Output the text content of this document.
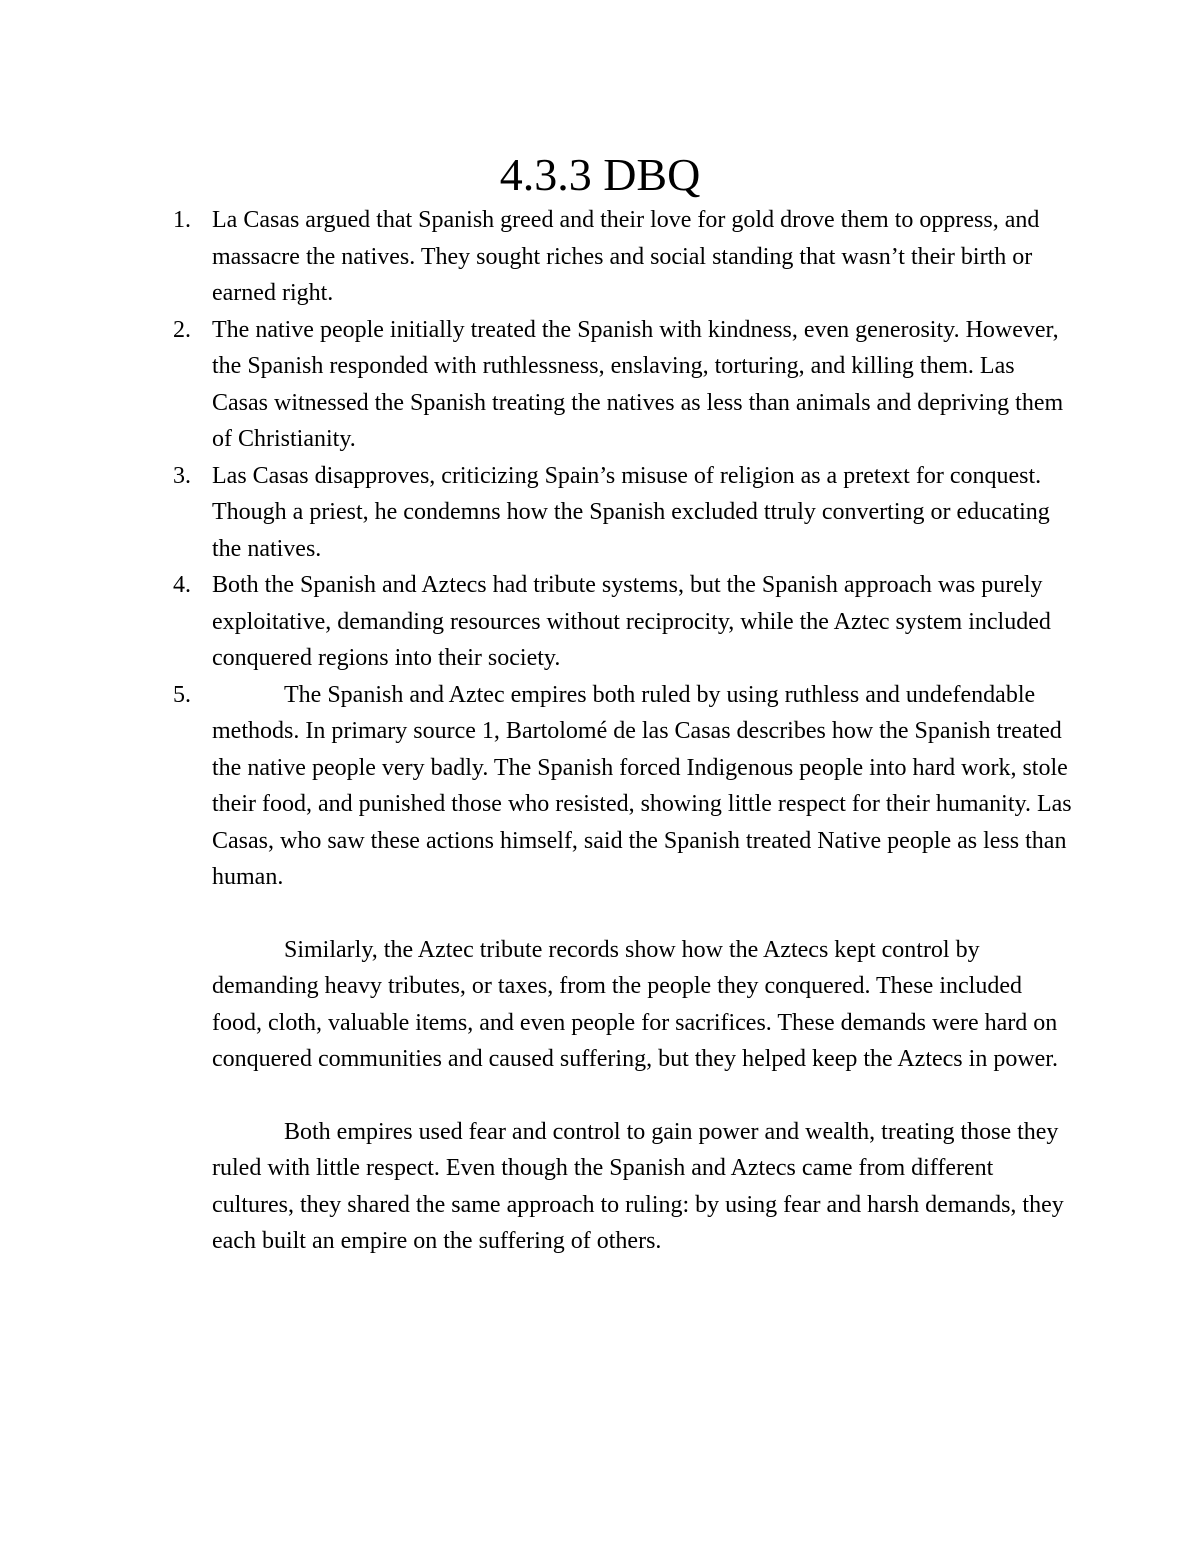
4.3.3 DBQ
1. La Casas argued that Spanish greed and their love for gold drove them to oppress, and massacre the natives. They sought riches and social standing that wasn’t their birth or earned right.
2. The native people initially treated the Spanish with kindness, even generosity. However, the Spanish responded with ruthlessness, enslaving, torturing, and killing them. Las Casas witnessed the Spanish treating the natives as less than animals and depriving them of Christianity.
3. Las Casas disapproves, criticizing Spain’s misuse of religion as a pretext for conquest. Though a priest, he condemns how the Spanish excluded ttruly converting or educating the natives.
4. Both the Spanish and Aztecs had tribute systems, but the Spanish approach was purely exploitative, demanding resources without reciprocity, while the Aztec system included conquered regions into their society.
5.	The Spanish and Aztec empires both ruled by using ruthless and undefendable methods. In primary source 1, Bartolomé de las Casas describes how the Spanish treated the native people very badly. The Spanish forced Indigenous people into hard work, stole their food, and punished those who resisted, showing little respect for their humanity. Las Casas, who saw these actions himself, said the Spanish treated Native people as less than human.

Similarly, the Aztec tribute records show how the Aztecs kept control by demanding heavy tributes, or taxes, from the people they conquered. These included food, cloth, valuable items, and even people for sacrifices. These demands were hard on conquered communities and caused suffering, but they helped keep the Aztecs in power.

Both empires used fear and control to gain power and wealth, treating those they ruled with little respect. Even though the Spanish and Aztecs came from different cultures, they shared the same approach to ruling: by using fear and harsh demands, they each built an empire on the suffering of others.
